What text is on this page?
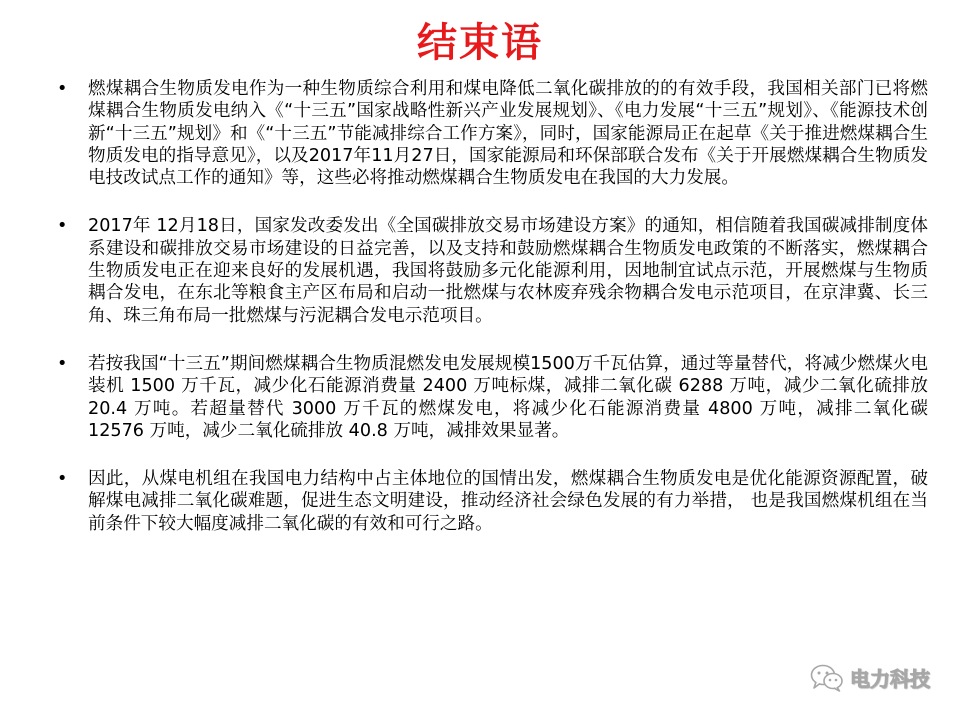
结束语
• 燃煤耦合生物质发电作为一种生物质综合利用和煤电降低二氧化碳排放的的有效手段，我国相关部门已将燃煤耦合生物质发电纳入《“十三五”国家战略性新兴产业发展规划》、《电力发展“十三五”规划》、《能源技术创新“十三五”规划》和《“十三五”节能减排综合工作方案》，同时，国家能源局正在起草《关于推进燃煤耦合生物质发电的指导意见》，以及2017年11月27日，国家能源局和环保部联合发布《关于开展燃煤耦合生物质发电技改试点工作的通知》等，这些必将推动燃煤耦合生物质发电在我国的大力发展。
• 2017年 12月18日，国家发改委发出《全国碳排放交易市场建设方案》的通知，相信随着我国碳减排制度体系建设和碳排放交易市场建设的日益完善，以及支持和鼓励燃煤耦合生物质发电政策的不断落实，燃煤耦合生物质发电正在迎来良好的发展机遇，我国将鼓励多元化能源利用，因地制宜试点示范，开展燃煤与生物质耦合发电，在东北等粮食主产区布局和启动一批燃煤与农林废弃残余物耦合发电示范项目，在京津冀、长三角、珠三角布局一批燃煤与污泥耦合发电示范项目。
• 若按我国“十三五”期间燃煤耦合生物质混燃发电发展规模1500万千瓦估算，通过等量替代，将减少燃煤火电装机 1500 万千瓦，减少化石能源消费量 2400 万吨标煤，减排二氧化碳 6288 万吨，减少二氧化硫排放 20.4 万吨。若超量替代 3000 万千瓦的燃煤发电，将减少化石能源消费量 4800 万吨，减排二氧化碳 12576 万吨，减少二氧化硫排放 40.8 万吨，减排效果显著。
• 因此，从煤电机组在我国电力结构中占主体地位的国情出发，燃煤耦合生物质发电是优化能源资源配置，破解煤电减排二氧化碳难题，促进生态文明建设，推动经济社会绿色发展的有力举措， 也是我国燃煤机组在当前条件下较大幅度减排二氧化碳的有效和可行之路。
电力科技
